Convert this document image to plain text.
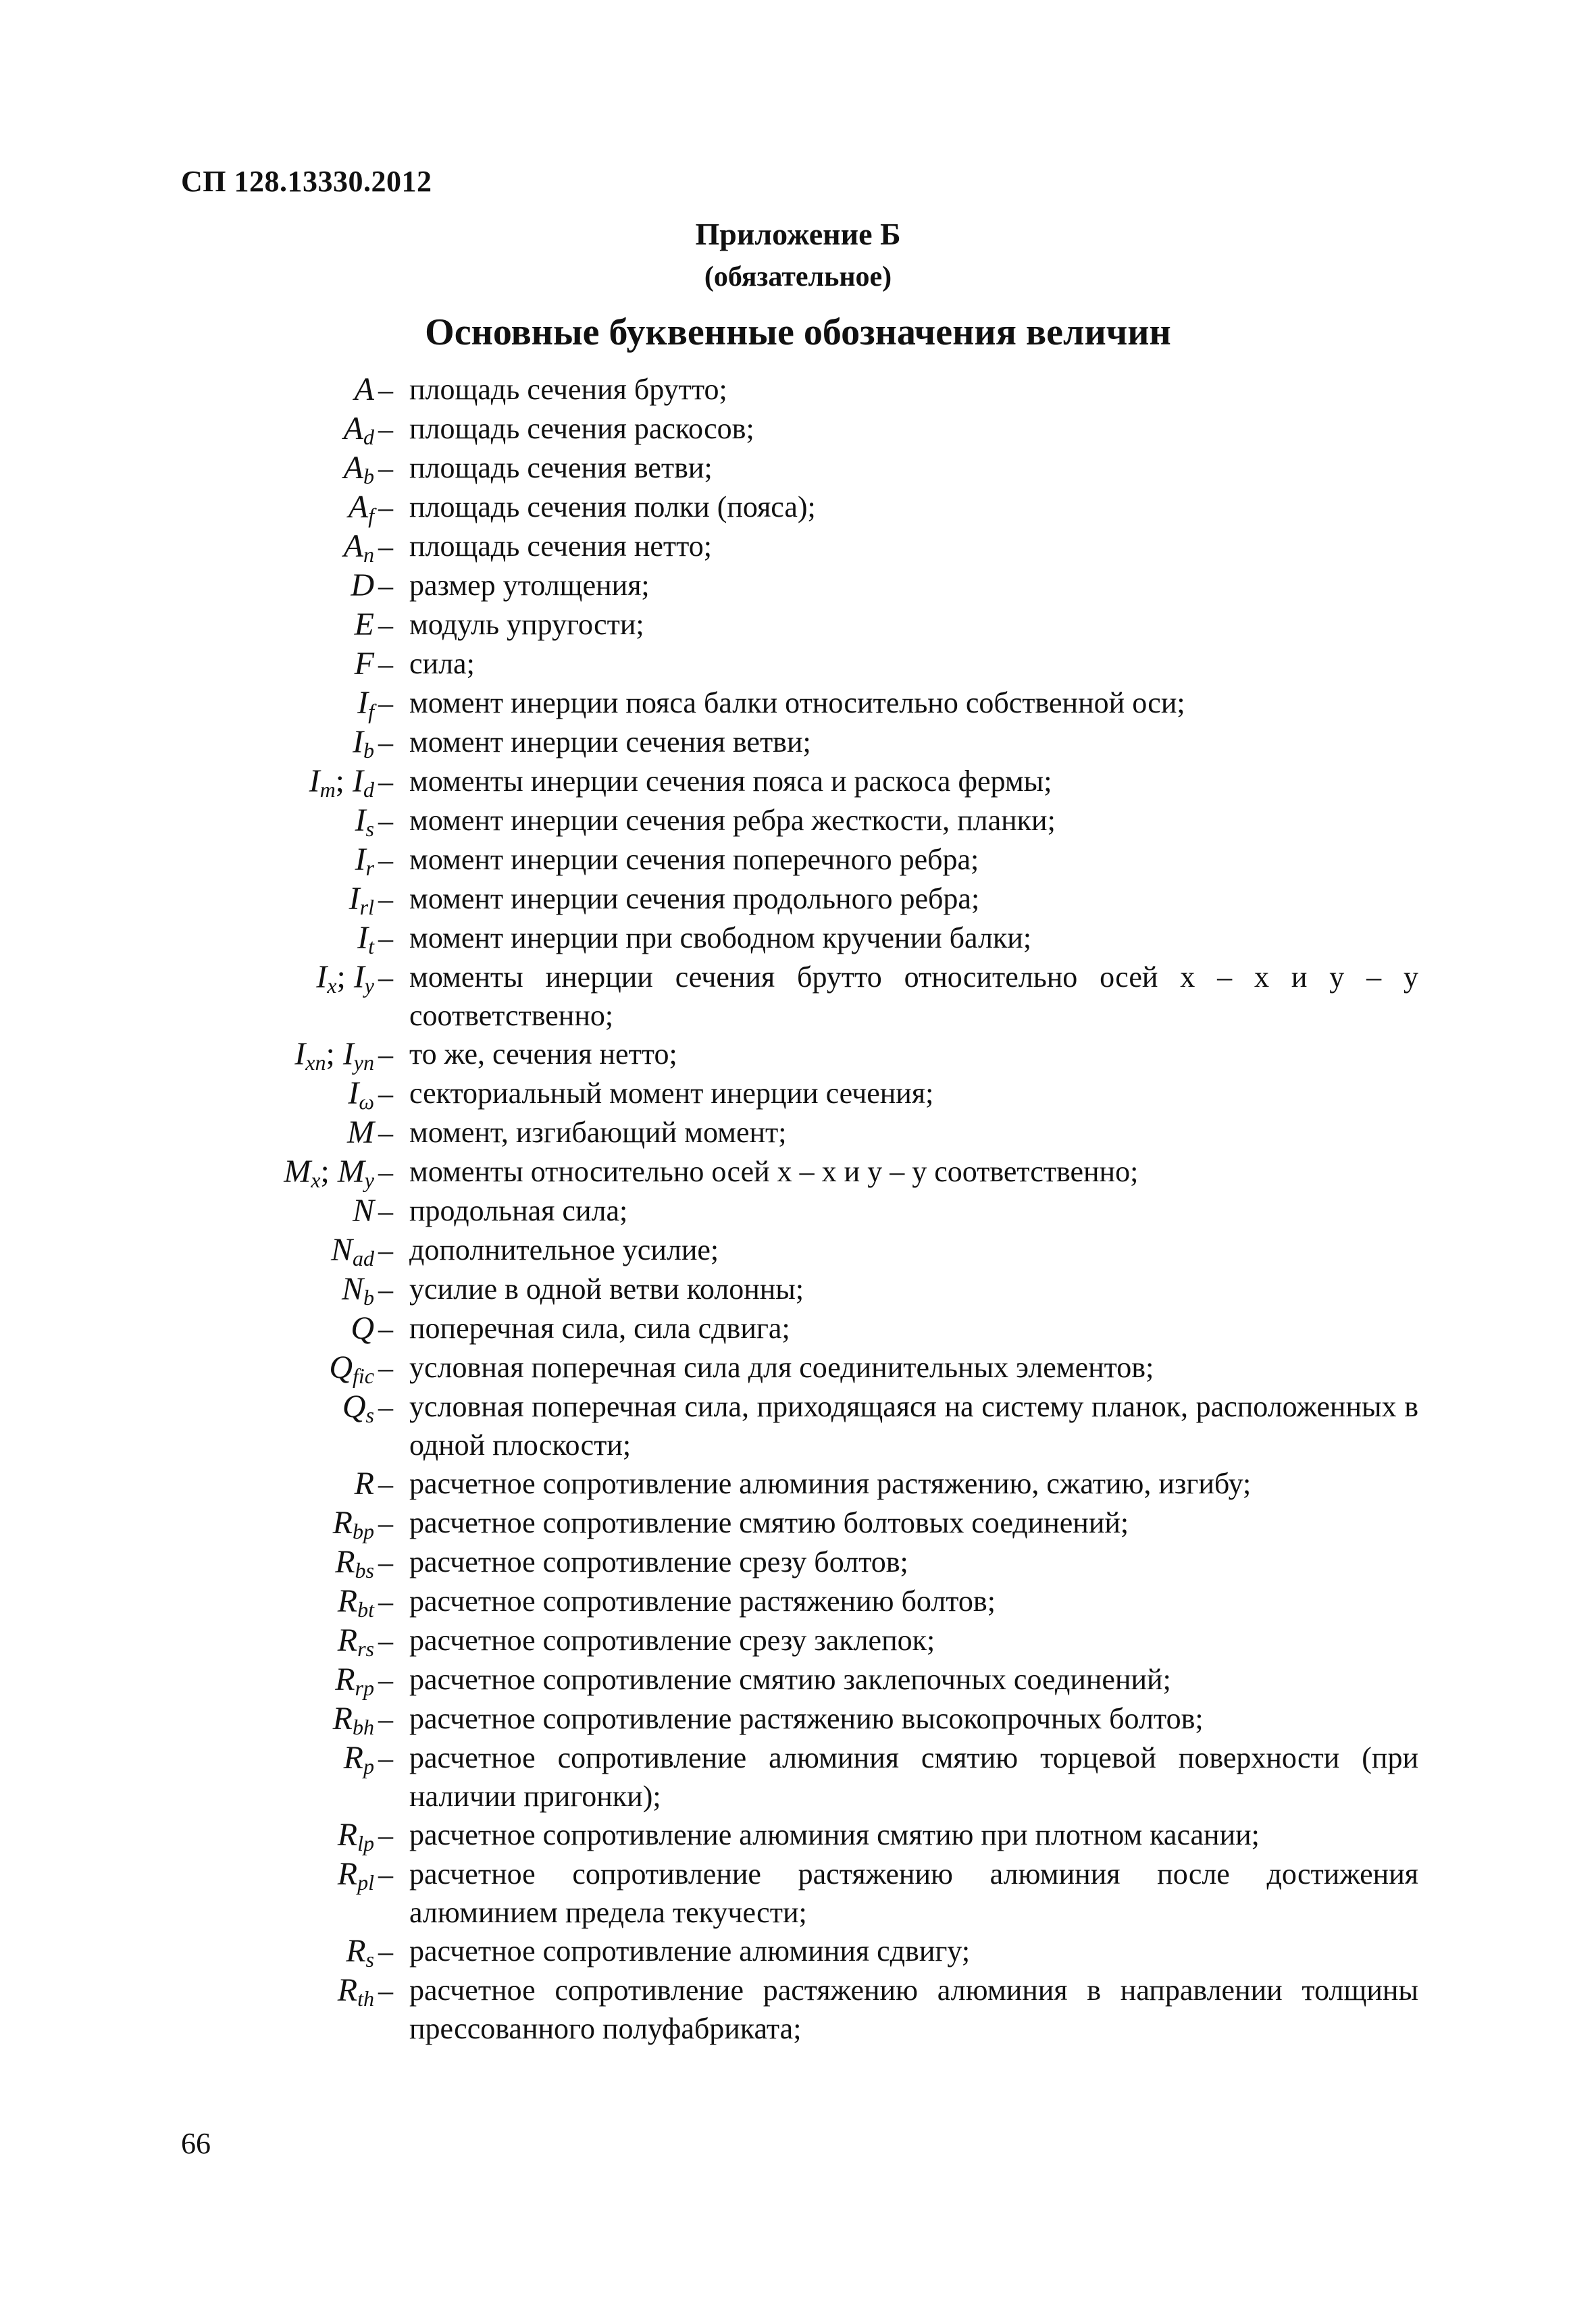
СП 128.13330.2012
Приложение Б
(обязательное)
Основные буквенные обозначения величин
A – площадь сечения брутто;
$A_d$ – площадь сечения раскосов;
$A_b$ – площадь сечения ветви;
$A_f$ – площадь сечения полки (пояса);
$A_n$ – площадь сечения нетто;
D – размер утолщения;
E – модуль упругости;
F – сила;
$I_f$ – момент инерции пояса балки относительно собственной оси;
$I_b$ – момент инерции сечения ветви;
$I_m$; $I_d$ – моменты инерции сечения пояса и раскоса фермы;
$I_s$ – момент инерции сечения ребра жесткости, планки;
$I_r$ – момент инерции сечения поперечного ребра;
$I_{rl}$ – момент инерции сечения продольного ребра;
$I_t$ – момент инерции при свободном кручении балки;
$I_x$; $I_y$ – моменты инерции сечения брутто относительно осей x – x и y – y соответственно;
$I_{xn}$; $I_{yn}$ – то же, сечения нетто;
$I_\omega$ – секториальный момент инерции сечения;
M – момент, изгибающий момент;
$M_x$; $M_y$ – моменты относительно осей x – x и y – y соответственно;
N – продольная сила;
$N_{ad}$ – дополнительное усилие;
$N_b$ – усилие в одной ветви колонны;
Q – поперечная сила, сила сдвига;
$Q_{fic}$ – условная поперечная сила для соединительных элементов;
$Q_s$ – условная поперечная сила, приходящаяся на систему планок, расположенных в одной плоскости;
R – расчетное сопротивление алюминия растяжению, сжатию, изгибу;
$R_{bp}$ – расчетное сопротивление смятию болтовых соединений;
$R_{bs}$ – расчетное сопротивление срезу болтов;
$R_{bt}$ – расчетное сопротивление растяжению болтов;
$R_{rs}$ – расчетное сопротивление срезу заклепок;
$R_{rp}$ – расчетное сопротивление смятию заклепочных соединений;
$R_{bh}$ – расчетное сопротивление растяжению высокопрочных болтов;
$R_p$ – расчетное сопротивление алюминия смятию торцевой поверхности (при наличии пригонки);
$R_{lp}$ – расчетное сопротивление алюминия смятию при плотном касании;
$R_{pl}$ – расчетное сопротивление растяжению алюминия после достижения алюминием предела текучести;
$R_s$ – расчетное сопротивление алюминия сдвигу;
$R_{th}$ – расчетное сопротивление растяжению алюминия в направлении толщины прессованного полуфабриката;
66
